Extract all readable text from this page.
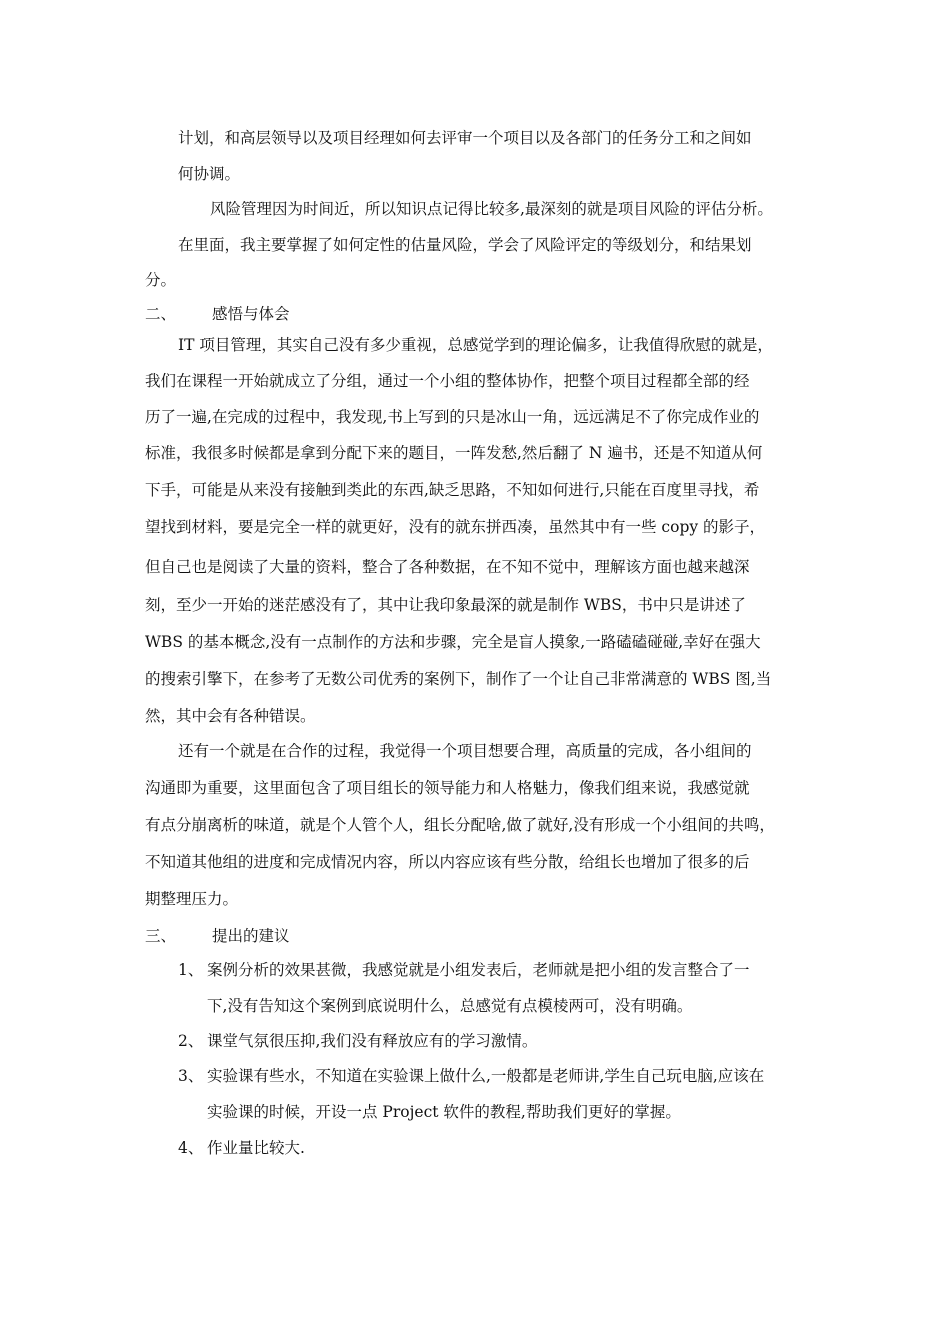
计划，和高层领导以及项目经理如何去评审一个项目以及各部门的任务分工和之间如
何协调。
风险管理因为时间近，所以知识点记得比较多,最深刻的就是项目风险的评估分析。
在里面，我主要掌握了如何定性的估量风险，学会了风险评定的等级划分，和结果划
分。
二、 感悟与体会
IT 项目管理，其实自己没有多少重视，总感觉学到的理论偏多，让我值得欣慰的就是，
我们在课程一开始就成立了分组，通过一个小组的整体协作，把整个项目过程都全部的经
历了一遍,在完成的过程中，我发现,书上写到的只是冰山一角，远远满足不了你完成作业的
标准，我很多时候都是拿到分配下来的题目，一阵发愁,然后翻了 N 遍书，还是不知道从何
下手，可能是从来没有接触到类此的东西,缺乏思路，不知如何进行,只能在百度里寻找，希
望找到材料，要是完全一样的就更好，没有的就东拼西凑，虽然其中有一些 copy 的影子，
但自己也是阅读了大量的资料，整合了各种数据，在不知不觉中，理解该方面也越来越深
刻，至少一开始的迷茫感没有了，其中让我印象最深的就是制作 WBS，书中只是讲述了
WBS 的基本概念,没有一点制作的方法和步骤，完全是盲人摸象,一路磕磕碰碰,幸好在强大
的搜索引擎下，在参考了无数公司优秀的案例下，制作了一个让自己非常满意的 WBS 图,当
然，其中会有各种错误。
还有一个就是在合作的过程，我觉得一个项目想要合理，高质量的完成，各小组间的
沟通即为重要，这里面包含了项目组长的领导能力和人格魅力，像我们组来说，我感觉就
有点分崩离析的味道，就是个人管个人，组长分配啥,做了就好,没有形成一个小组间的共鸣，
不知道其他组的进度和完成情况内容，所以内容应该有些分散，给组长也增加了很多的后
期整理压力。
三、 提出的建议
1、 案例分析的效果甚微，我感觉就是小组发表后，老师就是把小组的发言整合了一
下,没有告知这个案例到底说明什么，总感觉有点模棱两可，没有明确。
2、 课堂气氛很压抑,我们没有释放应有的学习激情。
3、 实验课有些水，不知道在实验课上做什么,一般都是老师讲,学生自己玩电脑,应该在
实验课的时候，开设一点 Project 软件的教程,帮助我们更好的掌握。
4、 作业量比较大.
